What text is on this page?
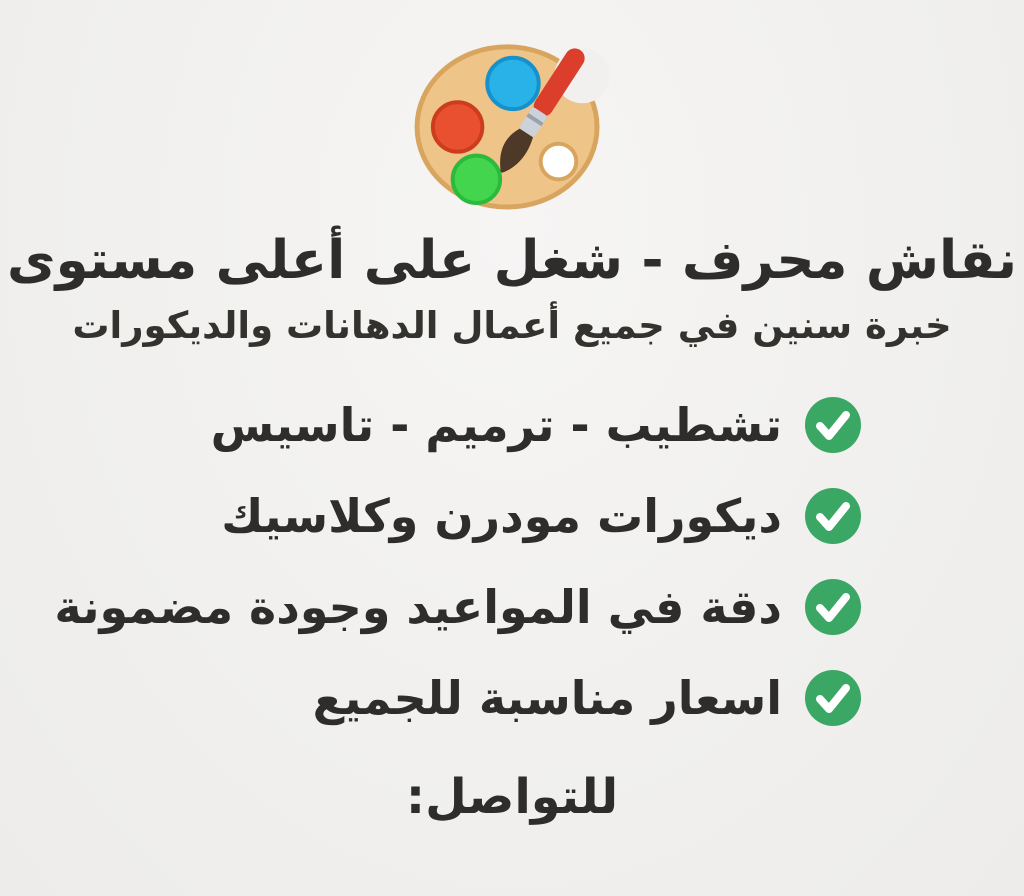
نقاش محرف - شغل على أعلى مستوى
خبرة سنين في جميع أعمال الدهانات والديكورات
تشطيب - ترميم - تاسيس
ديكورات مودرن وكلاسيك
دقة في المواعيد وجودة مضمونة
اسعار مناسبة للجميع
للتواصل:
